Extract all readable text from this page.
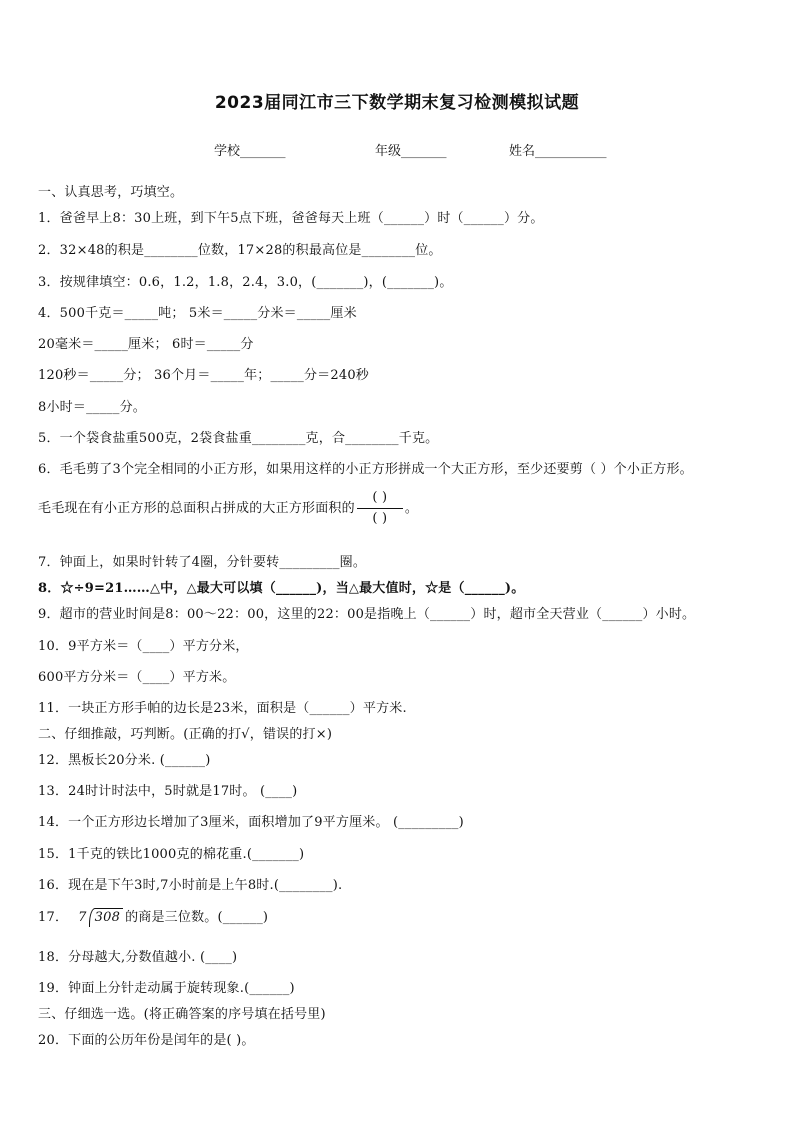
2023届同江市三下数学期末复习检测模拟试题
学校_______	年级_______	姓名___________
一、认真思考，巧填空。
1．爸爸早上8：30上班，到下午5点下班，爸爸每天上班（______）时（______）分。
2．32×48的积是________位数，17×28的积最高位是________位。
3．按规律填空：0.6，1.2，1.8，2.4，3.0，(_______)，(_______)。
4．500千克＝_____吨； 5米＝_____分米＝_____厘米
20毫米＝_____厘米； 6时＝_____分
120秒＝_____分； 36个月＝_____年；_____分＝240秒
8小时＝_____分。
5．一个袋食盐重500克，2袋食盐重________克，合________千克。
6．毛毛剪了3个完全相同的小正方形，如果用这样的小正方形拼成一个大正方形，至少还要剪（ ）个小正方形。
毛毛现在有小正方形的总面积占拼成的大正方形面积的 $\frac{( )}{( )}$ 。
7．钟面上，如果时针转了4圈，分针要转_________圈。
8．☆÷9=21……△中，△最大可以填（______)，当△最大值时，☆是（______)。
9．超市的营业时间是8：00～22：00，这里的22：00是指晚上（______）时，超市全天营业（______）小时。
10．9平方米＝（____）平方分米，
600平方分米＝（____）平方米。
11．一块正方形手帕的边长是23米，面积是（______）平方米.
二、仔细推敲，巧判断。(正确的打√，错误的打×)
12．黑板长20分米. (______)
13．24时计时法中，5时就是17时。 (____)
14．一个正方形边长增加了3厘米，面积增加了9平方厘米。 (_________)
15．1千克的铁比1000克的棉花重.(_______)
16．现在是下午3时,7小时前是上午8时.(________).
17． 7 308 的商是三位数。(______)
18．分母越大,分数值越小. (____)
19．钟面上分针走动属于旋转现象.(______)
三、仔细选一选。(将正确答案的序号填在括号里)
20．下面的公历年份是闰年的是( )。
